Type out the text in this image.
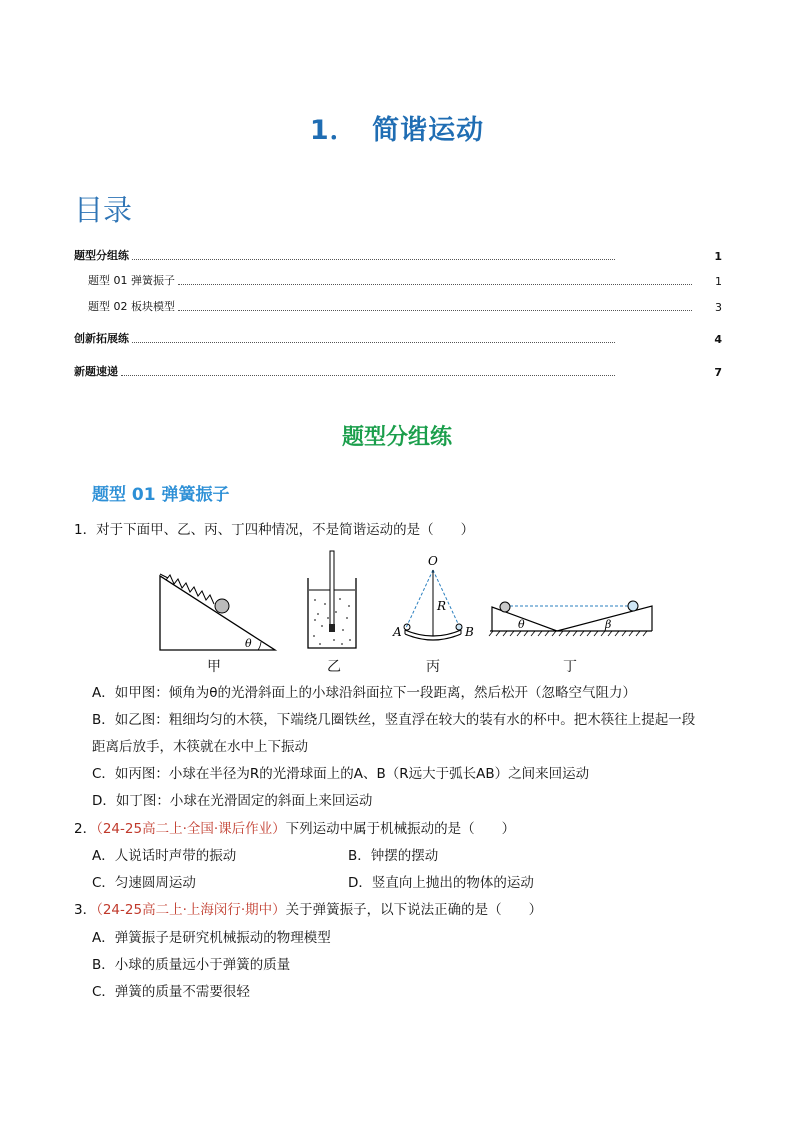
1．　简谐运动
目录
题型分组练	1
题型 01 弹簧振子	1
题型 02 板块模型	3
创新拓展练	4
新题速递	7
题型分组练
题型 01 弹簧振子
1．对于下面甲、乙、丙、丁四种情况，不是简谐运动的是（　　）
θ
O
R
A	B
θ	β
甲	乙	丙	丁
A．如甲图：倾角为θ的光滑斜面上的小球沿斜面拉下一段距离，然后松开（忽略空气阻力）
B．如乙图：粗细均匀的木筷，下端绕几圈铁丝，竖直浮在较大的装有水的杯中。把木筷往上提起一段
距离后放手，木筷就在水中上下振动
C．如丙图：小球在半径为R的光滑球面上的A、B（R远大于弧长AB）之间来回运动
D．如丁图：小球在光滑固定的斜面上来回运动
2．（24-25高二上·全国·课后作业）下列运动中属于机械振动的是（　　）
A．人说话时声带的振动	B．钟摆的摆动
C．匀速圆周运动	D．竖直向上抛出的物体的运动
3．（24-25高二上·上海闵行·期中）关于弹簧振子，以下说法正确的是（　　）
A．弹簧振子是研究机械振动的物理模型
B．小球的质量远小于弹簧的质量
C．弹簧的质量不需要很轻
